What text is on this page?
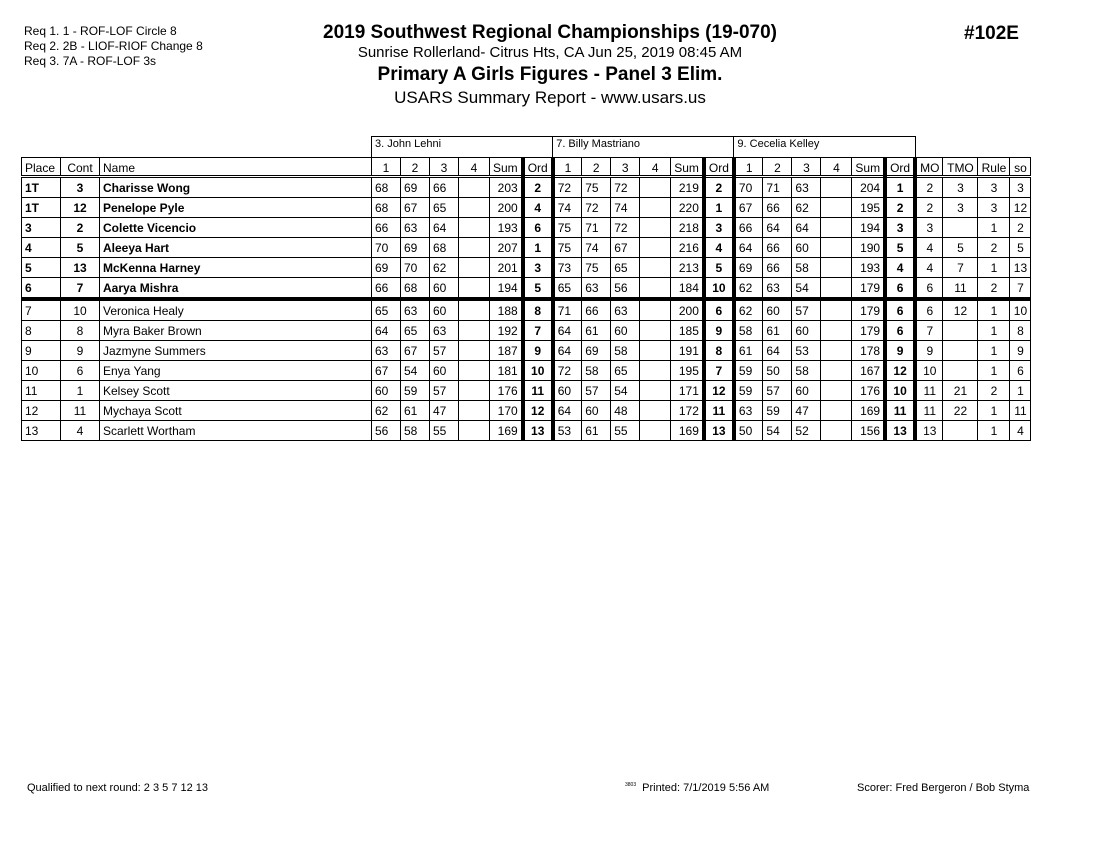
Req 1. 1 - ROF-LOF Circle 8
Req 2. 2B - LIOF-RIOF Change 8
Req 3. 7A - ROF-LOF 3s
2019 Southwest Regional Championships (19-070)
Sunrise Rollerland- Citrus Hts, CA Jun 25, 2019 08:45 AM
Primary A Girls Figures - Panel 3 Elim.
USARS Summary Report - www.usars.us
#102E
			3. John Lehni						7. Billy Mastriano						9. Cecelia Kelley									
Place	Cont	Name	1	2	3	4	Sum	Ord	1	2	3	4	Sum	Ord	1	2	3	4	Sum	Ord	MO	TMO	Rule	so
1T	3	Charisse Wong	68	69	66		203	2	72	75	72		219	2	70	71	63		204	1	2	3	3	3
1T	12	Penelope Pyle	68	67	65		200	4	74	72	74		220	1	67	66	62		195	2	2	3	3	12
3	2	Colette Vicencio	66	63	64		193	6	75	71	72		218	3	66	64	64		194	3	3		1	2
4	5	Aleeya Hart	70	69	68		207	1	75	74	67		216	4	64	66	60		190	5	4	5	2	5
5	13	McKenna Harney	69	70	62		201	3	73	75	65		213	5	69	66	58		193	4	4	7	1	13
6	7	Aarya Mishra	66	68	60		194	5	65	63	56		184	10	62	63	54		179	6	6	11	2	7
7	10	Veronica Healy	65	63	60		188	8	71	66	63		200	6	62	60	57		179	6	6	12	1	10
8	8	Myra Baker Brown	64	65	63		192	7	64	61	60		185	9	58	61	60		179	6	7		1	8
9	9	Jazmyne Summers	63	67	57		187	9	64	69	58		191	8	61	64	53		178	9	9		1	9
10	6	Enya Yang	67	54	60		181	10	72	58	65		195	7	59	50	58		167	12	10		1	6
11	1	Kelsey Scott	60	59	57		176	11	60	57	54		171	12	59	57	60		176	10	11	21	2	1
12	11	Mychaya Scott	62	61	47		170	12	64	60	48		172	11	63	59	47		169	11	11	22	1	11
13	4	Scarlett Wortham	56	58	55		169	13	53	61	55		169	13	50	54	52		156	13	13		1	4
Qualified to next round: 2 3 5 7 12 13	$^{3803}$ Printed: 7/1/2019 5:56 AM	Scorer: Fred Bergeron / Bob Styma
